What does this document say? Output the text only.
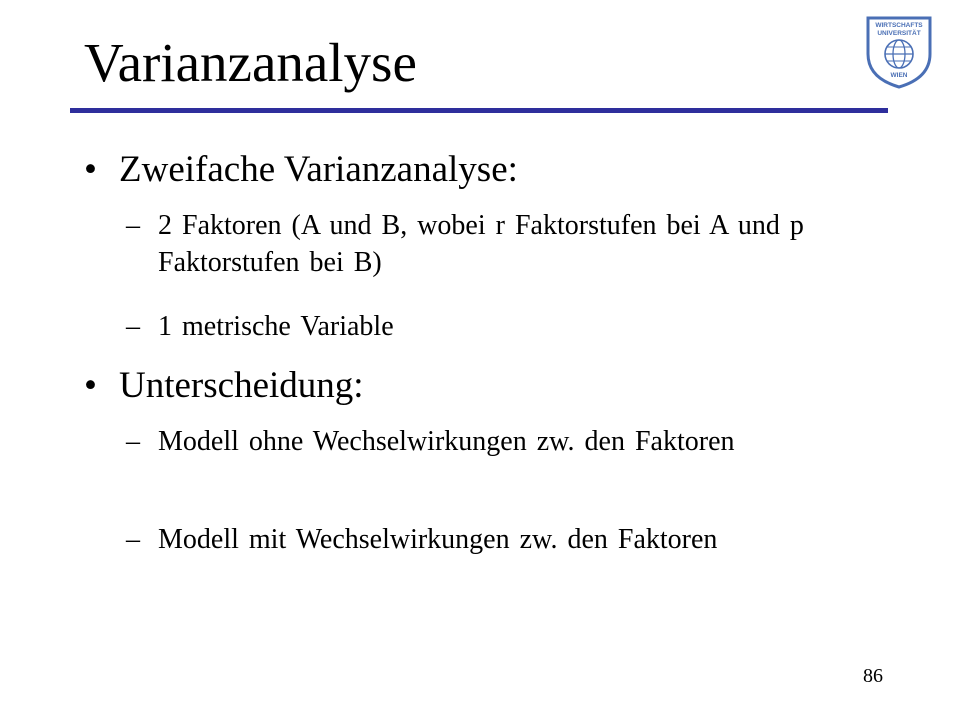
Varianzanalyse
WIRTSCHAFTS
UNIVERSITÄT
WIEN
• Zweifache Varianzanalyse:
– 2 Faktoren (A und B, wobei r Faktorstufen bei A und p Faktorstufen bei B)
– 1 metrische Variable
• Unterscheidung:
– Modell ohne Wechselwirkungen zw. den Faktoren
– Modell mit Wechselwirkungen zw. den Faktoren
86
